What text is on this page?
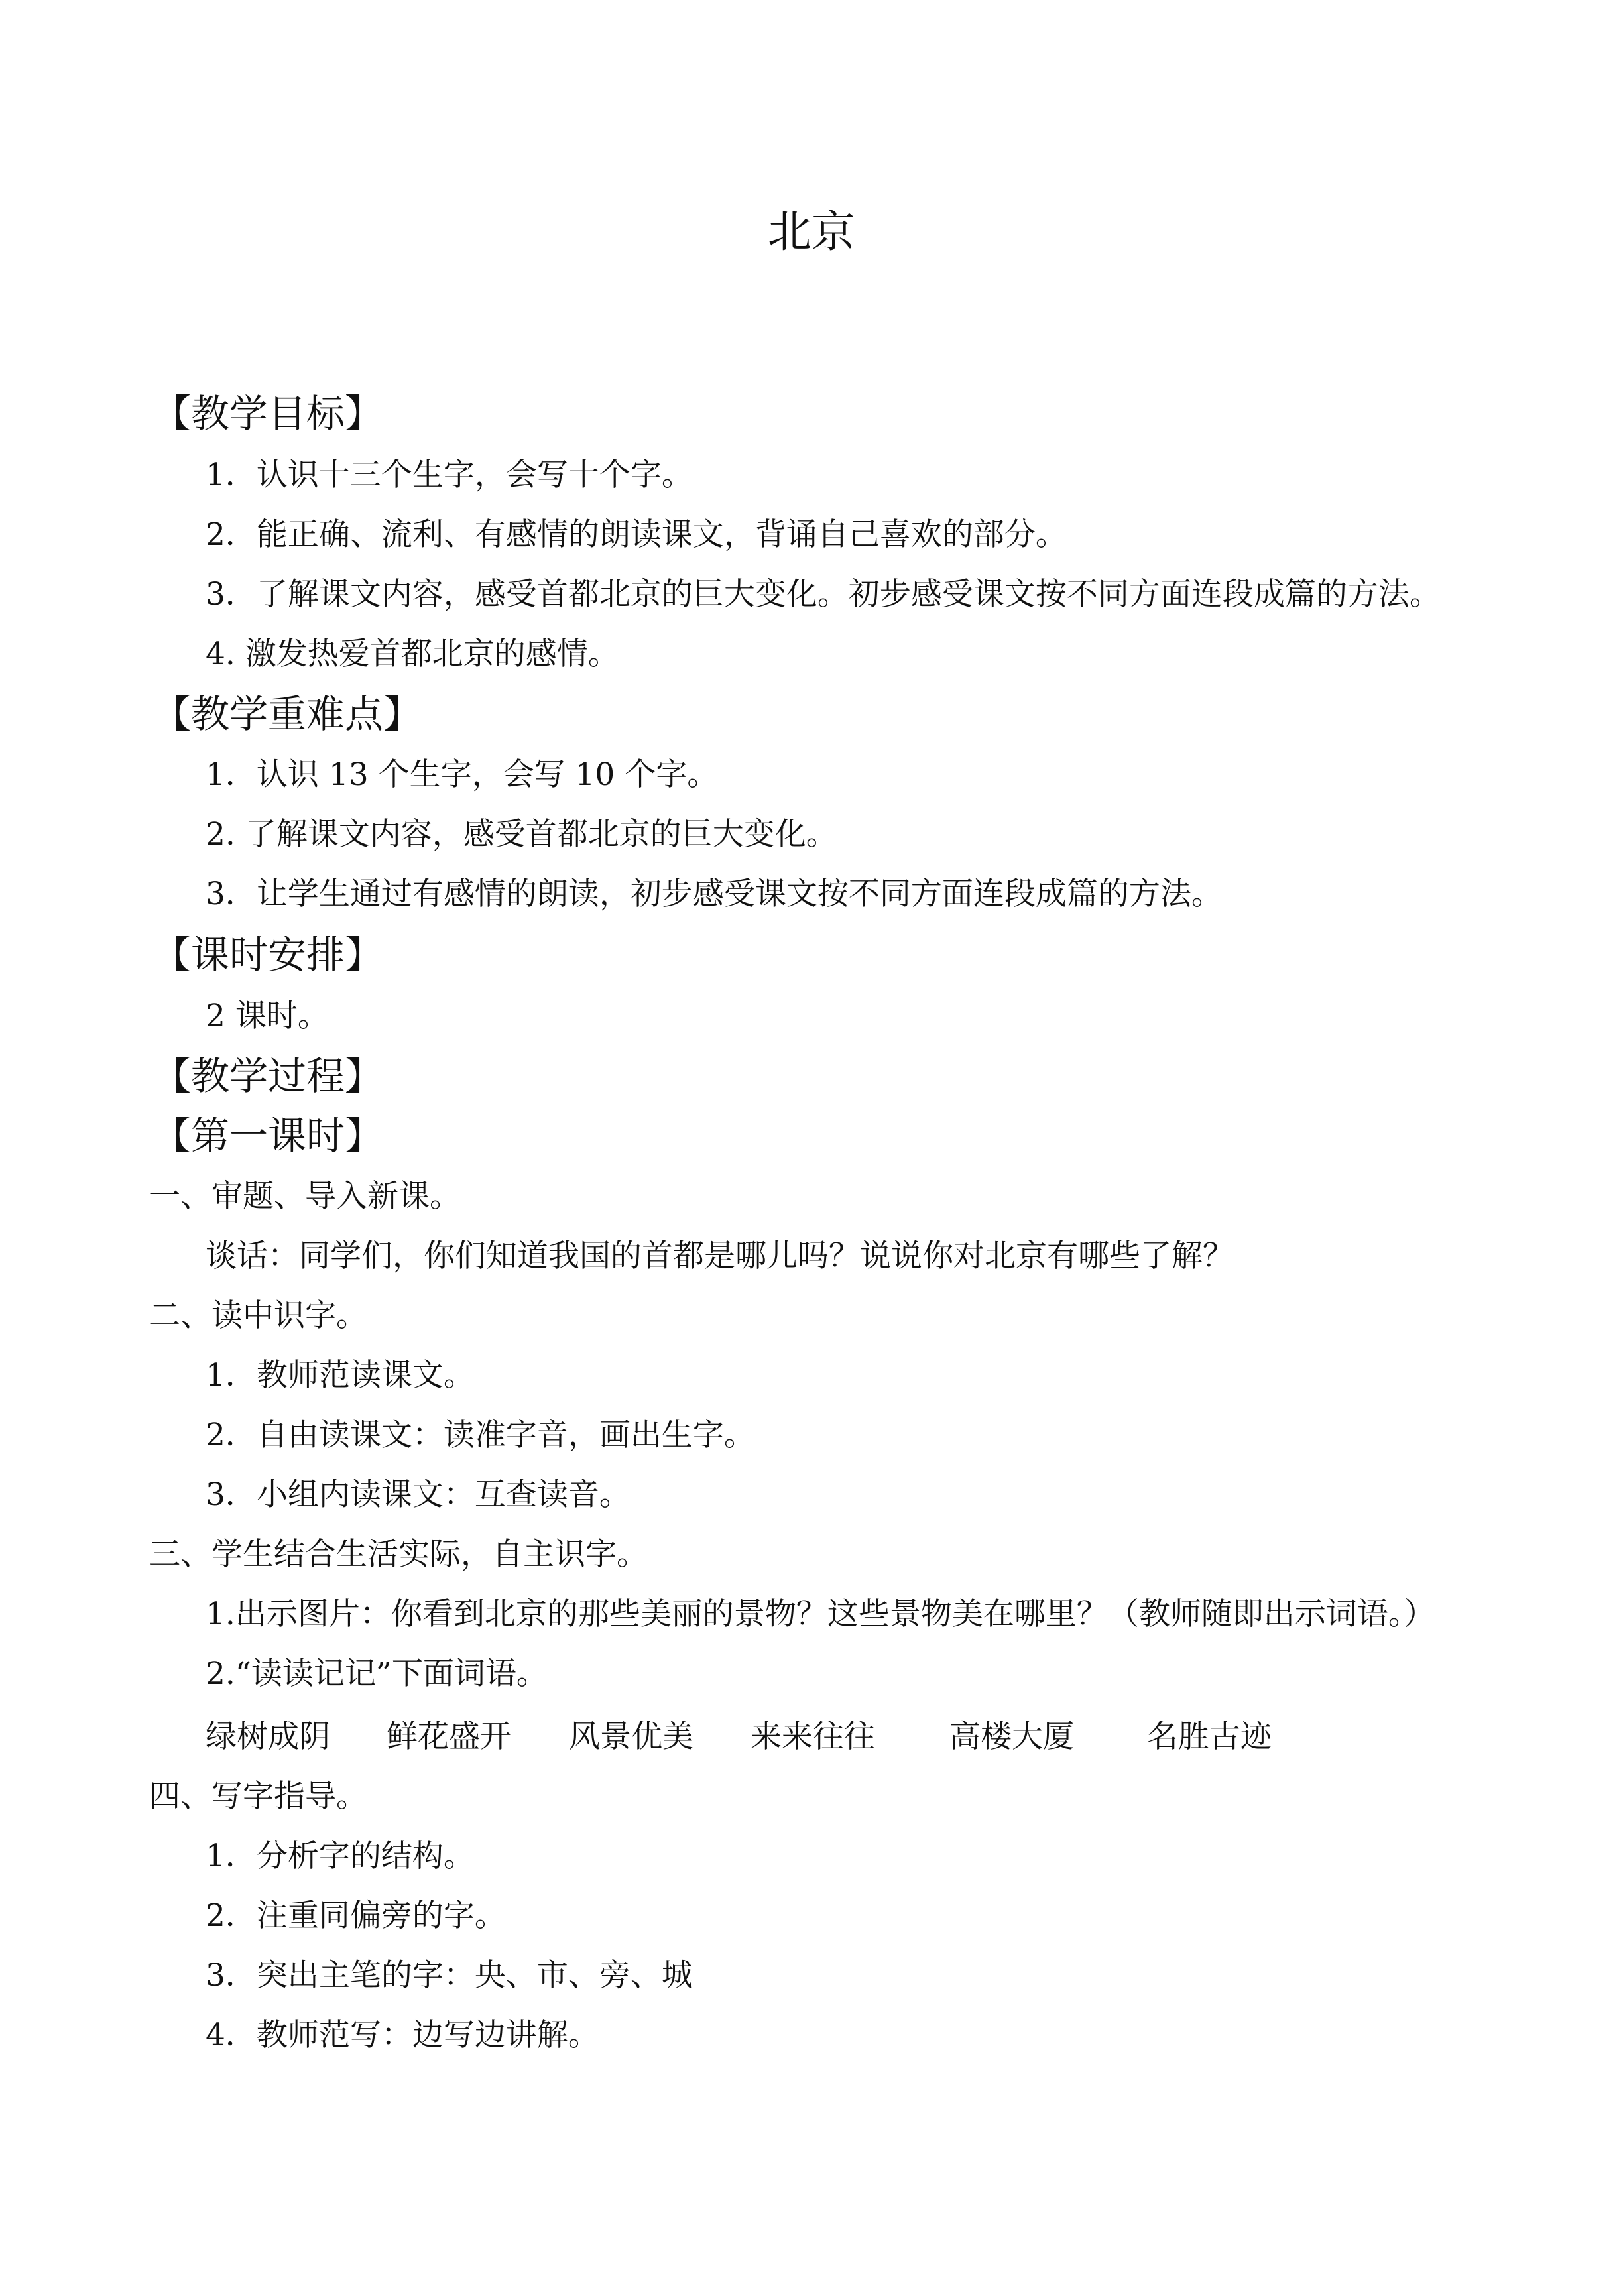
北京
【教学目标】
1．认识十三个生字，会写十个字。
2．能正确、流利、有感情的朗读课文，背诵自己喜欢的部分。
3．了解课文内容，感受首都北京的巨大变化。初步感受课文按不同方面连段成篇的方法。
4. 激发热爱首都北京的感情。
【教学重难点】
1．认识 13 个生字，会写 10 个字。
2. 了解课文内容，感受首都北京的巨大变化。
3．让学生通过有感情的朗读，初步感受课文按不同方面连段成篇的方法。
【课时安排】
2 课时。
【教学过程】
【第一课时】
一、审题、导入新课。
谈话：同学们，你们知道我国的首都是哪儿吗？说说你对北京有哪些了解？
二、读中识字。
1．教师范读课文。
2．自由读课文：读准字音，画出生字。
3．小组内读课文：互查读音。
三、学生结合生活实际，自主识字。
1.出示图片：你看到北京的那些美丽的景物？这些景物美在哪里？（教师随即出示词语。）
2.“读读记记”下面词语。
绿树成阴 鲜花盛开 风景优美 来来往往 高楼大厦 名胜古迹
四、写字指导。
1．分析字的结构。
2．注重同偏旁的字。
3．突出主笔的字：央、市、旁、城
4．教师范写：边写边讲解。
